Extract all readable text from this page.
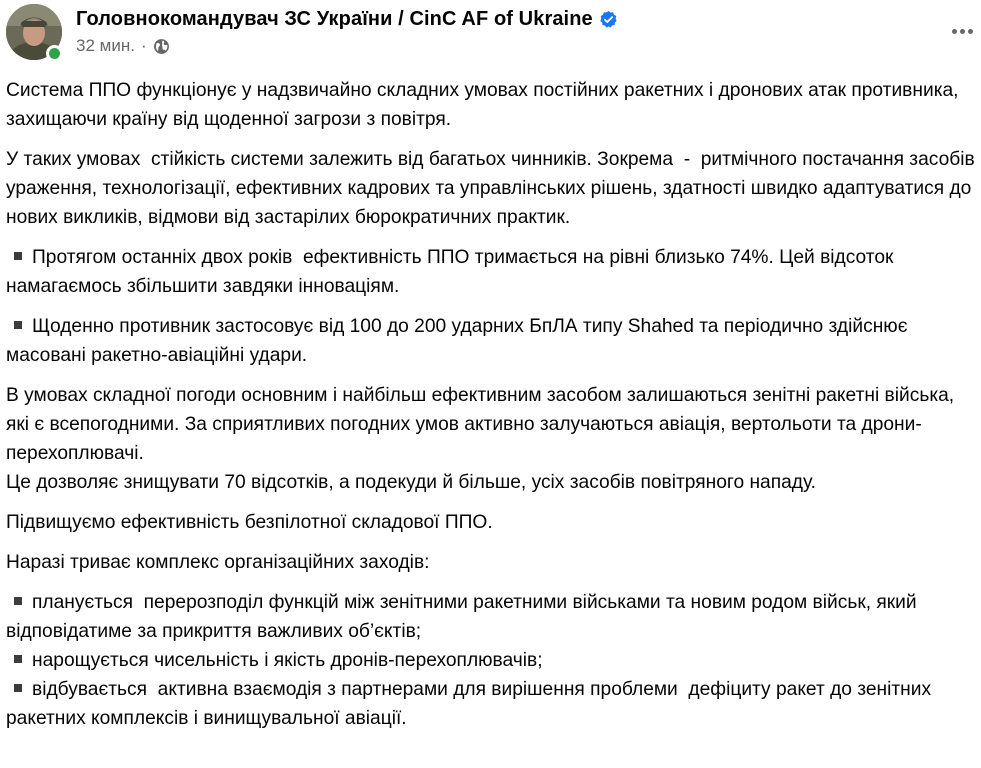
Головнокомандувач ЗС України / CinC AF of Ukraine
32 мин. ·

Система ППО функціонує у надзвичайно складних умовах постійних ракетних і дронових атак противника, захищаючи країну від щоденної загрози з повітря.

У таких умовах  стійкість системи залежить від багатьох чинників. Зокрема  -  ритмічного постачання засобів ураження, технологізації, ефективних кадрових та управлінських рішень, здатності швидко адаптуватися до нових викликів, відмови від застарілих бюрократичних практик.

Протягом останніх двох років  ефективність ППО тримається на рівні близько 74%. Цей відсоток намагаємось збільшити завдяки інноваціям.

Щоденно противник застосовує від 100 до 200 ударних БпЛА типу Shahed та періодично здійснює масовані ракетно-авіаційні удари.

В умовах складної погоди основним і найбільш ефективним засобом залишаються зенітні ракетні війська, які є всепогодними. За сприятливих погодних умов активно залучаються авіація, вертольоти та дрони-перехоплювачі.

Це дозволяє знищувати 70 відсотків, а подекуди й більше, усіх засобів повітряного нападу.

Підвищуємо ефективність безпілотної складової ППО.

Наразі триває комплекс організаційних заходів:

планується  перерозподіл функцій між зенітними ракетними військами та новим родом військ, який відповідатиме за прикриття важливих об’єктів;

нарощується чисельність і якість дронів-перехоплювачів;

відбувається  активна взаємодія з партнерами для вирішення проблеми  дефіциту ракет до зенітних ракетних комплексів і винищувальної авіації.
